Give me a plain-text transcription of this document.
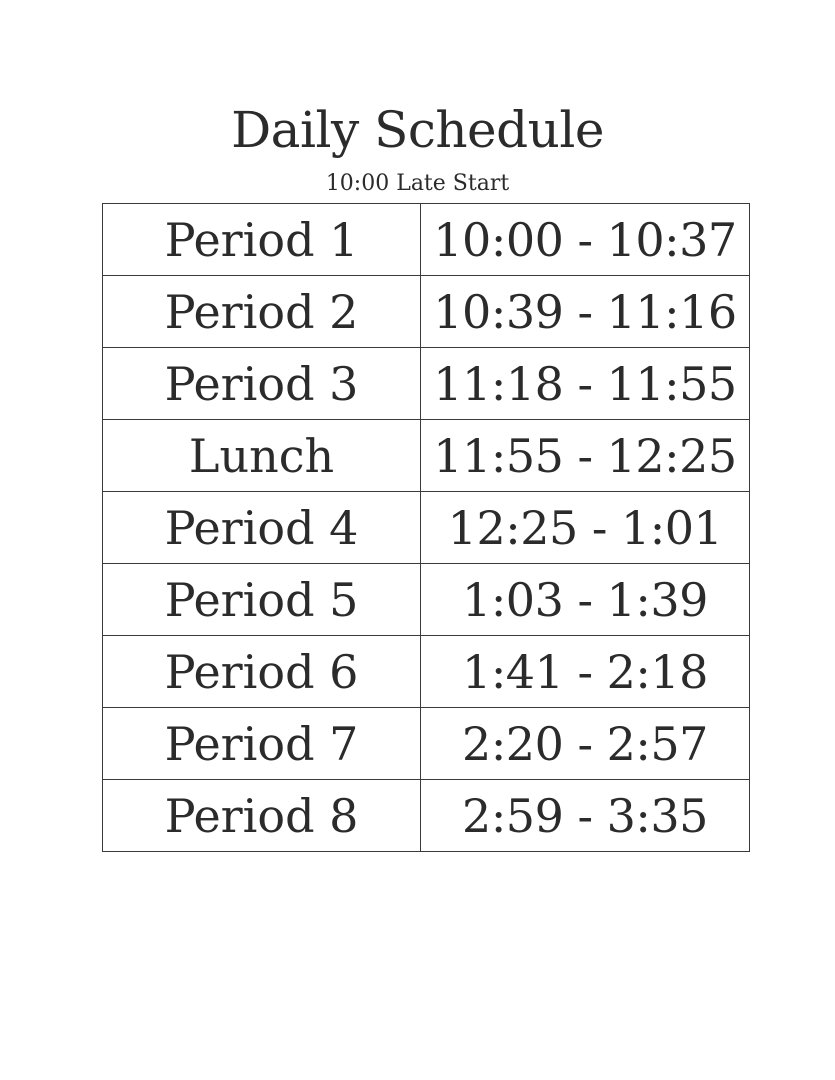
Daily Schedule
10:00 Late Start
Period 1	10:00 - 10:37
Period 2	10:39 - 11:16
Period 3	11:18 - 11:55
Lunch	11:55 - 12:25
Period 4	12:25 - 1:01
Period 5	1:03 - 1:39
Period 6	1:41 - 2:18
Period 7	2:20 - 2:57
Period 8	2:59 - 3:35
